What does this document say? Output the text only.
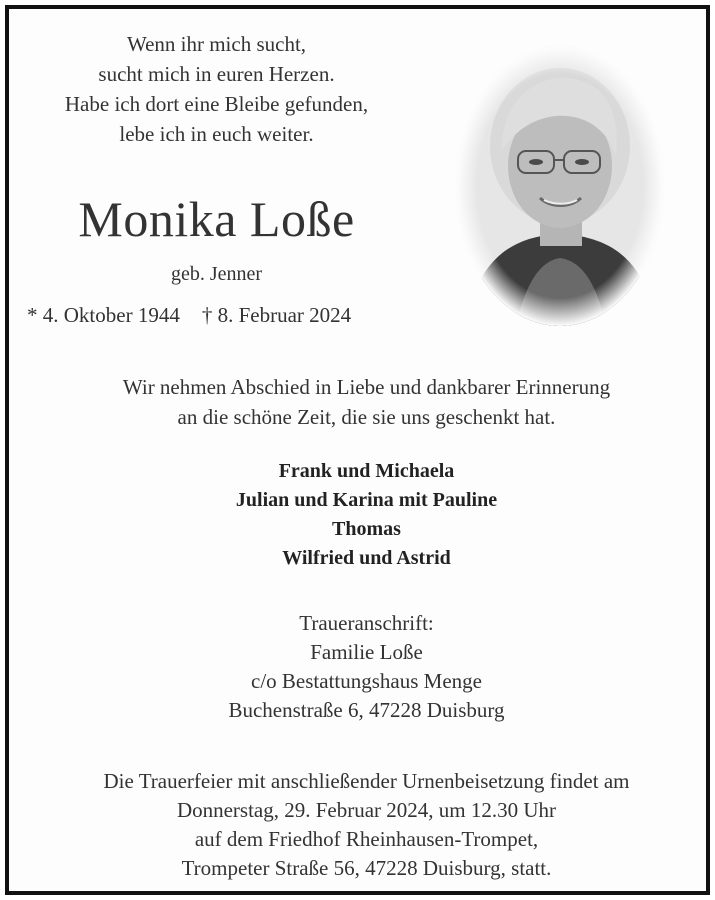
Wenn ihr mich sucht,
sucht mich in euren Herzen.
Habe ich dort eine Bleibe gefunden,
lebe ich in euch weiter.
Monika Loße
geb. Jenner
* 4. Oktober 1944 † 8. Februar 2024
Wir nehmen Abschied in Liebe und dankbarer Erinnerung
an die schöne Zeit, die sie uns geschenkt hat.
Frank und Michaela
Julian und Karina mit Pauline
Thomas
Wilfried und Astrid
Traueranschrift:
Familie Loße
c/o Bestattungshaus Menge
Buchenstraße 6, 47228 Duisburg
Die Trauerfeier mit anschließender Urnenbeisetzung findet am
Donnerstag, 29. Februar 2024, um 12.30 Uhr
auf dem Friedhof Rheinhausen-Trompet,
Trompeter Straße 56, 47228 Duisburg, statt.
